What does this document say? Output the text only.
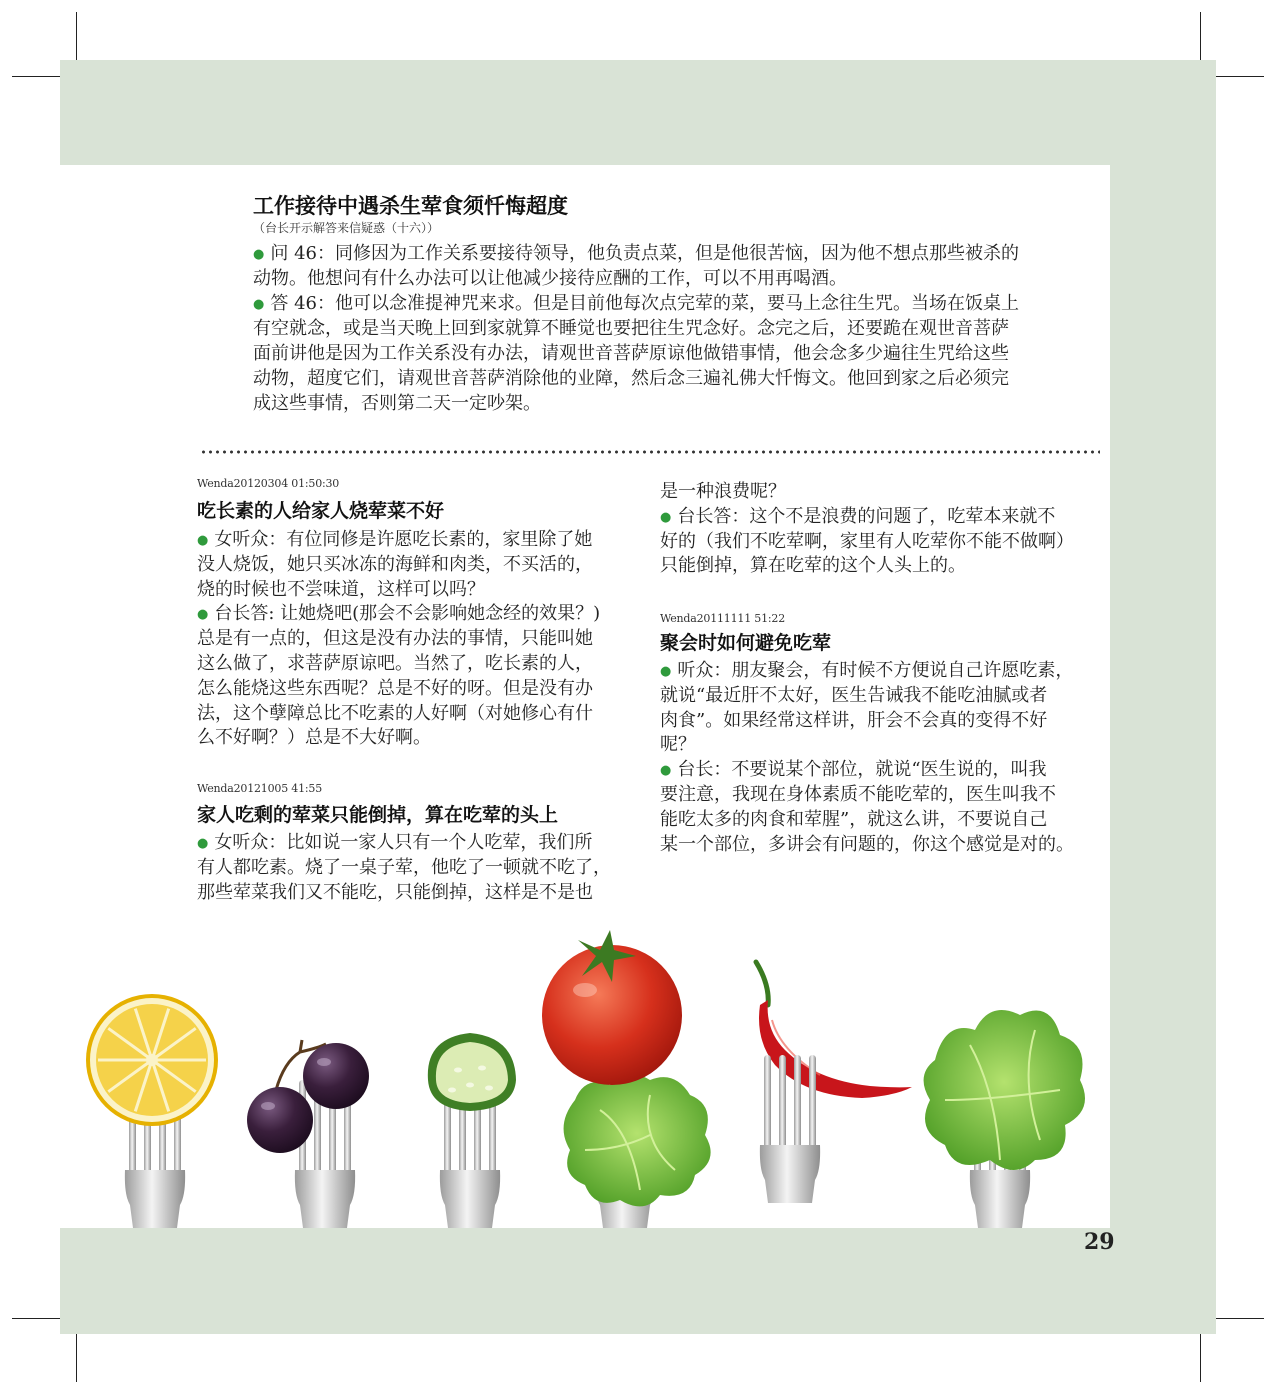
工作接待中遇杀生荤食须忏悔超度
（台长开示解答来信疑惑（十六））
● 问 46：同修因为工作关系要接待领导，他负责点菜，但是他很苦恼，因为他不想点那些被杀的
动物。他想问有什么办法可以让他减少接待应酬的工作，可以不用再喝酒。
● 答 46：他可以念准提神咒来求。但是目前他每次点完荤的菜，要马上念往生咒。当场在饭桌上
有空就念，或是当天晚上回到家就算不睡觉也要把往生咒念好。念完之后，还要跪在观世音菩萨
面前讲他是因为工作关系没有办法，请观世音菩萨原谅他做错事情，他会念多少遍往生咒给这些
动物，超度它们，请观世音菩萨消除他的业障，然后念三遍礼佛大忏悔文。他回到家之后必须完
成这些事情，否则第二天一定吵架。
Wenda20120304 01:50:30
吃长素的人给家人烧荤菜不好
● 女听众：有位同修是许愿吃长素的，家里除了她
没人烧饭，她只买冰冻的海鲜和肉类，不买活的，
烧的时候也不尝味道，这样可以吗？
● 台长答: 让她烧吧(那会不会影响她念经的效果？)
总是有一点的，但这是没有办法的事情，只能叫她
这么做了，求菩萨原谅吧。当然了，吃长素的人，
怎么能烧这些东西呢？总是不好的呀。但是没有办
法，这个孽障总比不吃素的人好啊（对她修心有什
么不好啊？）总是不大好啊。
Wenda20121005 41:55
家人吃剩的荤菜只能倒掉，算在吃荤的头上
● 女听众：比如说一家人只有一个人吃荤，我们所
有人都吃素。烧了一桌子荤，他吃了一顿就不吃了，
那些荤菜我们又不能吃，只能倒掉，这样是不是也
是一种浪费呢？
● 台长答：这个不是浪费的问题了，吃荤本来就不
好的（我们不吃荤啊，家里有人吃荤你不能不做啊）
只能倒掉，算在吃荤的这个人头上的。
Wenda20111111 51:22
聚会时如何避免吃荤
● 听众：朋友聚会，有时候不方便说自己许愿吃素，
就说“最近肝不太好，医生告诫我不能吃油腻或者
肉食”。如果经常这样讲，肝会不会真的变得不好
呢？
● 台长：不要说某个部位，就说“医生说的，叫我
要注意，我现在身体素质不能吃荤的，医生叫我不
能吃太多的肉食和荤腥”，就这么讲，不要说自己
某一个部位，多讲会有问题的，你这个感觉是对的。
29
